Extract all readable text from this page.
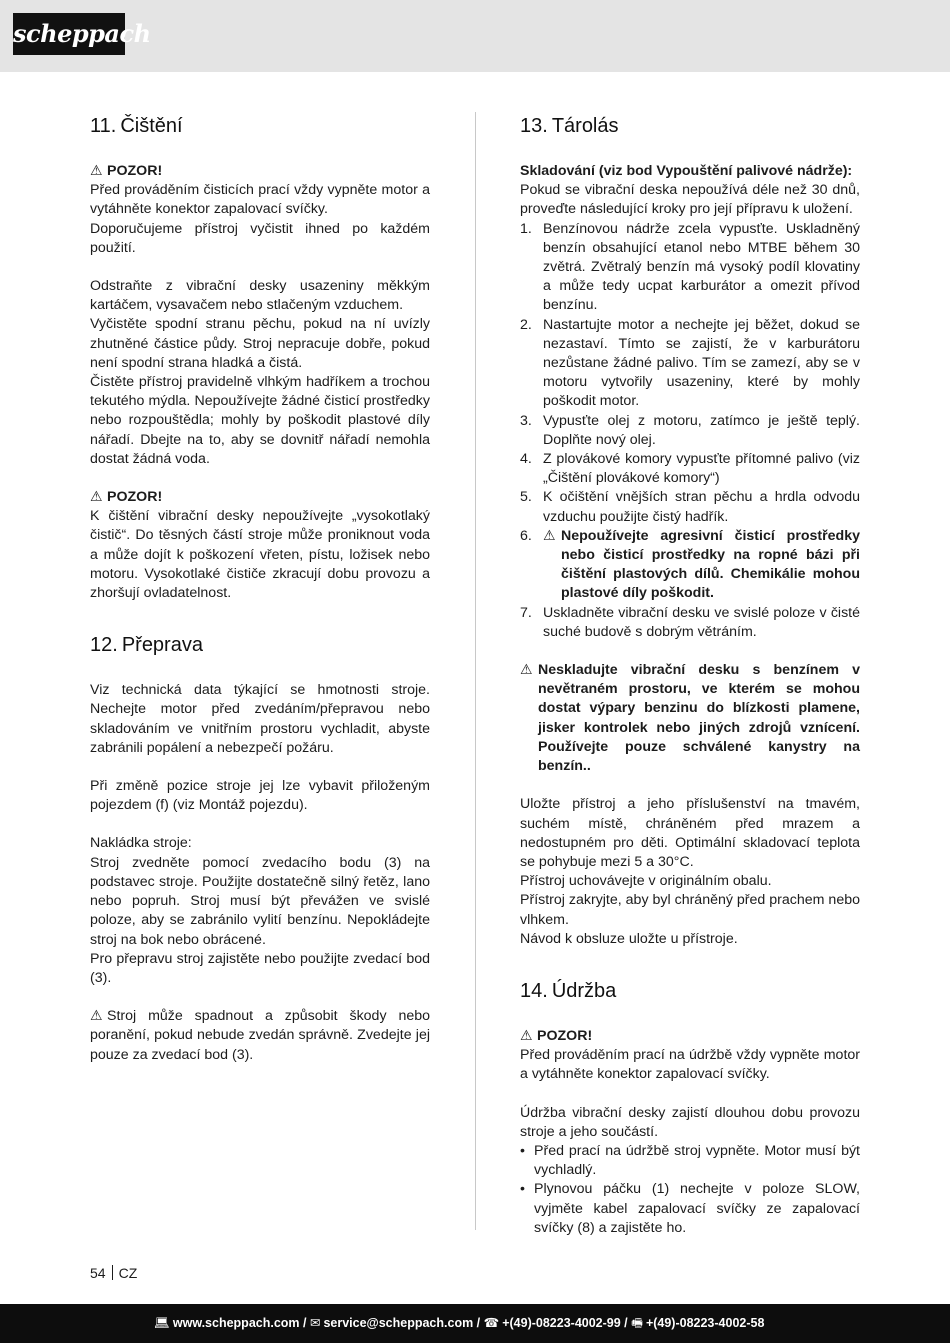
scheppach
11. Čištění
⚠ POZOR!

Před prováděním čisticích prací vždy vypněte motor a vytáhněte konektor zapalovací svíčky.

Doporučujeme přístroj vyčistit ihned po každém použití.

Odstraňte z vibrační desky usazeniny měkkým kartáčem, vysavačem nebo stlačeným vzduchem.

Vyčistěte spodní stranu pěchu, pokud na ní uvízly zhutněné částice půdy. Stroj nepracuje dobře, pokud není spodní strana hladká a čistá.

Čistěte přístroj pravidelně vlhkým hadříkem a trochou tekutého mýdla. Nepoužívejte žádné čisticí prostředky nebo rozpouštědla; mohly by poškodit plastové díly nářadí. Dbejte na to, aby se dovnitř nářadí nemohla dostat žádná voda.

⚠ POZOR!

K čištění vibrační desky nepoužívejte „vysokotlaký čistič“. Do těsných částí stroje může proniknout voda a může dojít k poškození vřeten, pístu, ložisek nebo motoru. Vysokotlaké čističe zkracují dobu provozu a zhoršují ovladatelnost.

12. Přeprava

Viz technická data týkající se hmotnosti stroje. Nechejte motor před zvedáním/přepravou nebo skladováním ve vnitřním prostoru vychladit, abyste zabránili popálení a nebezpečí požáru.

Při změně pozice stroje jej lze vybavit přiloženým pojezdem (f) (viz Montáž pojezdu).

Nakládka stroje:

Stroj zvedněte pomocí zvedacího bodu (3) na podstavec stroje. Použijte dostatečně silný řetěz, lano nebo popruh. Stroj musí být převážen ve svislé poloze, aby se zabránilo vylití benzínu. Nepokládejte stroj na bok nebo obrácené.

Pro přepravu stroj zajistěte nebo použijte zvedací bod (3).

⚠ Stroj může spadnout a způsobit škody nebo poranění, pokud nebude zvedán správně. Zvedejte jej pouze za zvedací bod (3).

13. Tárolás

Skladování (viz bod Vypouštění palivové nádrže):

Pokud se vibrační deska nepoužívá déle než 30 dnů, proveďte následující kroky pro její přípravu k uložení.

1. Benzínovou nádrže zcela vypusťte. Uskladněný benzín obsahující etanol nebo MTBE během 30 zvětrá. Zvětralý benzín má vysoký podíl klovatiny a může tedy ucpat karburátor a omezit přívod benzínu.
2. Nastartujte motor a nechejte jej běžet, dokud se nezastaví. Tímto se zajistí, že v karburátoru nezůstane žádné palivo. Tím se zamezí, aby se v motoru vytvořily usazeniny, které by mohly poškodit motor.
3. Vypusťte olej z motoru, zatímco je ještě teplý. Doplňte nový olej.
4. Z plovákové komory vypusťte přítomné palivo (viz „Čištění plovákové komory“)
5. K očištění vnějších stran pěchu a hrdla odvodu vzduchu použijte čistý hadřík.
6. ⚠ Nepoužívejte agresivní čisticí prostředky nebo čisticí prostředky na ropné bázi při čištění plastových dílů. Chemikálie mohou plastové díly poškodit.
7. Uskladněte vibrační desku ve svislé poloze v čisté suché budově s dobrým větráním.
⚠ Neskladujte vibrační desku s benzínem v nevětraném prostoru, ve kterém se mohou dostat výpary benzinu do blízkosti plamene, jisker kontrolek nebo jiných zdrojů vznícení. Používejte pouze schválené kanystry na benzín..

Uložte přístroj a jeho příslušenství na tmavém, suchém místě, chráněném před mrazem a nedostupném pro děti. Optimální skladovací teplota se pohybuje mezi 5 a 30°C.

Přístroj uchovávejte v originálním obalu.

Přístroj zakryjte, aby byl chráněný před prachem nebo vlhkem.

Návod k obsluze uložte u přístroje.

14. Údržba
⚠ POZOR!

Před prováděním prací na údržbě vždy vypněte motor a vytáhněte konektor zapalovací svíčky.

Údržba vibrační desky zajistí dlouhou dobu provozu stroje a jeho součástí.

• Před prací na údržbě stroj vypněte. Motor musí být vychladlý.
• Plynovou páčku (1) nechejte v poloze SLOW, vyjměte kabel zapalovací svíčky ze zapalovací svíčky (8) a zajistěte ho.
54 CZ
💻︎ www.scheppach.com / ✉ service@scheppach.com / ☎ +(49)-08223-4002-99 / 🖷︎ +(49)-08223-4002-58
